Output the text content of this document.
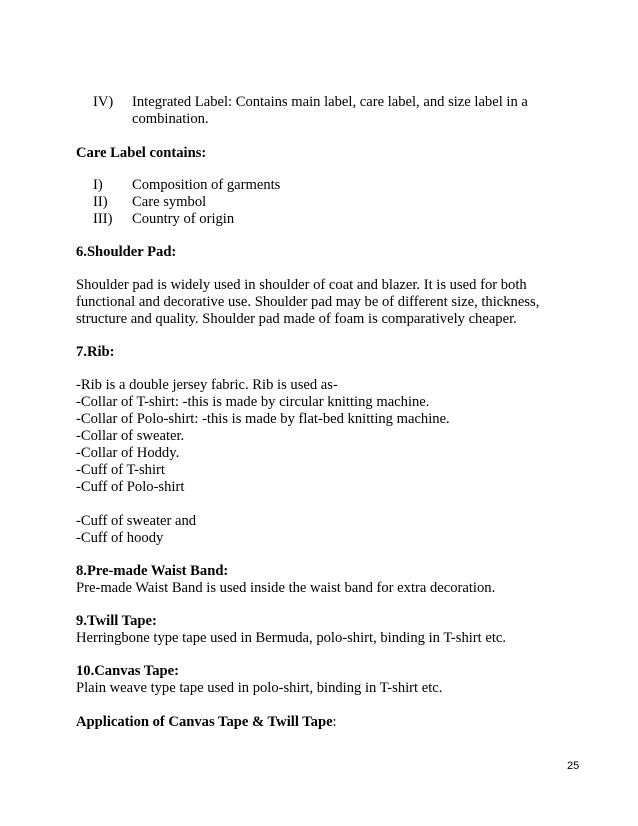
IV) Integrated Label: Contains main label, care label, and size label in a
combination.
Care Label contains:
I) Composition of garments
II) Care symbol
III) Country of origin
6.Shoulder Pad:
Shoulder pad is widely used in shoulder of coat and blazer. It is used for both
functional and decorative use. Shoulder pad may be of different size, thickness,
structure and quality. Shoulder pad made of foam is comparatively cheaper.
7.Rib:
-Rib is a double jersey fabric. Rib is used as-
-Collar of T-shirt: -this is made by circular knitting machine.
-Collar of Polo-shirt: -this is made by flat-bed knitting machine.
-Collar of sweater.
-Collar of Hoddy.
-Cuff of T-shirt
-Cuff of Polo-shirt
-Cuff of sweater and
-Cuff of hoody
8.Pre-made Waist Band:
Pre-made Waist Band is used inside the waist band for extra decoration.
9.Twill Tape:
Herringbone type tape used in Bermuda, polo-shirt, binding in T-shirt etc.
10.Canvas Tape:
Plain weave type tape used in polo-shirt, binding in T-shirt etc.
Application of Canvas Tape & Twill Tape:
25
